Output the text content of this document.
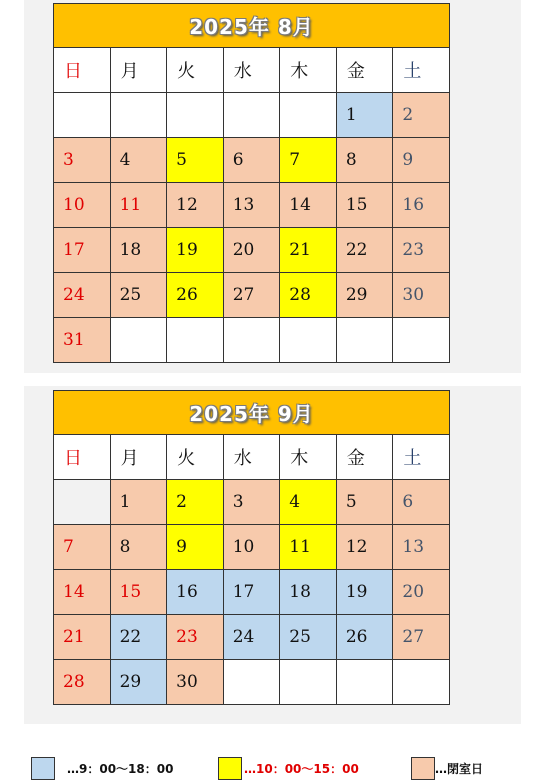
2025年 8月						
日	月	火	水	木	金	土
					1	2
3	4	5	6	7	8	9
10	11	12	13	14	15	16
17	18	19	20	21	22	23
24	25	26	27	28	29	30
31						
2025年 9月						
日	月	火	水	木	金	土
	1	2	3	4	5	6
7	8	9	10	11	12	13
14	15	16	17	18	19	20
21	22	23	24	25	26	27
28	29	30				
…9：00～18：00	…10：00～15：00	…閉室日
